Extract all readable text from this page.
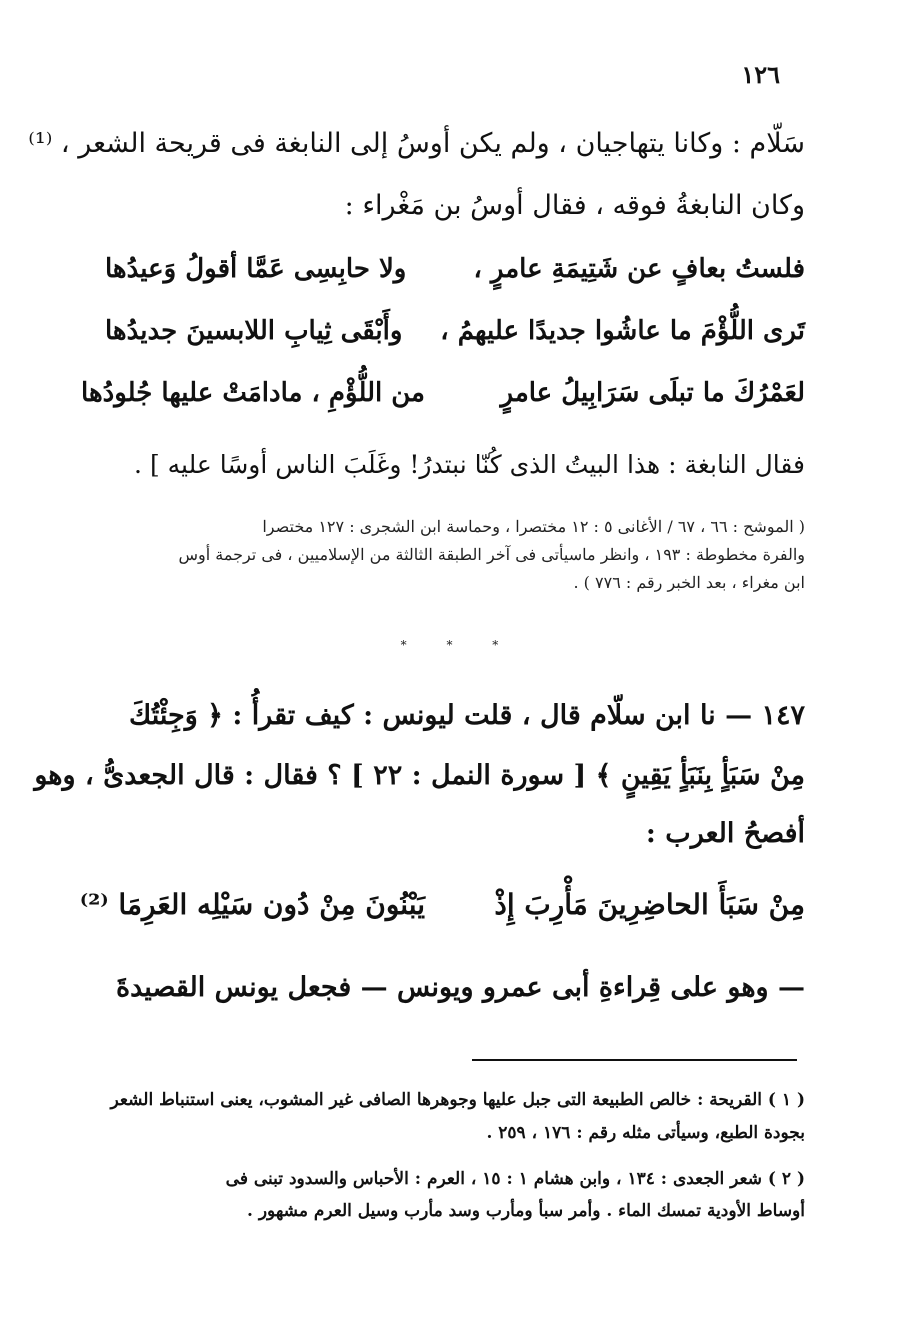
١٢٦
سَلّام : وكانا يتهاجيان ، ولم يكن أوسُ إلى النابغة فى قريحة الشعر ، ⁽¹⁾
وكان النابغةُ فوقه ، فقال أوسُ بن مَغْراء :
فلستُ بعافٍ عن شَتِيمَةِ عامرٍ ،
ولا حابِسِى عَمَّا أقولُ وَعيدُها
تَرى اللُّؤْمَ ما عاشُوا جديدًا عليهمُ ،
وأَبْقَى ثِيابِ اللابسينَ جديدُها
لعَمْرُكَ ما تبلَى سَرَابِيلُ عامرٍ
من اللُّؤْمِ ، مادامَتْ عليها جُلودُها
فقال النابغة : هذا البيتُ الذى كُنّا نبتدرُ! وغَلَبَ الناس أوسًا عليه ] .
( الموشح : ٦٦ ، ٦٧ / الأغانى ٥ : ١٢ مختصرا ، وحماسة ابن الشجرى : ١٢٧ مختصرا
والفرة مخطوطة : ١٩٣ ، وانظر ماسيأتى فى آخر الطبقة الثالثة من الإسلاميين ، فى ترجمة أوس
ابن مغراء ، بعد الخبر رقم : ٧٧٦ ) .
* * *
١٤٧ — نا ابن سلّام قال ، قلت ليونس : كيف تقرأُ : ﴿ وَجِئْتُكَ
مِنْ سَبَأٍ بِنَبَأٍ يَقِينٍ ﴾ [ سورة النمل : ٢٢ ] ؟ فقال : قال الجعدىُّ ، وهو
أفصحُ العرب :
مِنْ سَبَأَ الحاضِرِينَ مَأْرِبَ إِذْ
يَبْنُونَ مِنْ دُون سَيْلِه العَرِمَا ⁽²⁾
— وهو على قِراءةِ أبى عمرو ويونس — فجعل يونس القصيدةَ
( ١ ) القريحة : خالص الطبيعة التى جبل عليها وجوهرها الصافى غير المشوب، يعنى استنباط الشعر
بجودة الطبع، وسيأتى مثله رقم : ١٧٦ ، ٢٥٩ .
( ٢ ) شعر الجعدى : ١٣٤ ، وابن هشام ١ : ١٥ ، العرم : الأحباس والسدود تبنى فى
أوساط الأودية تمسك الماء . وأمر سبأ ومأرب وسد مأرب وسيل العرم مشهور .
